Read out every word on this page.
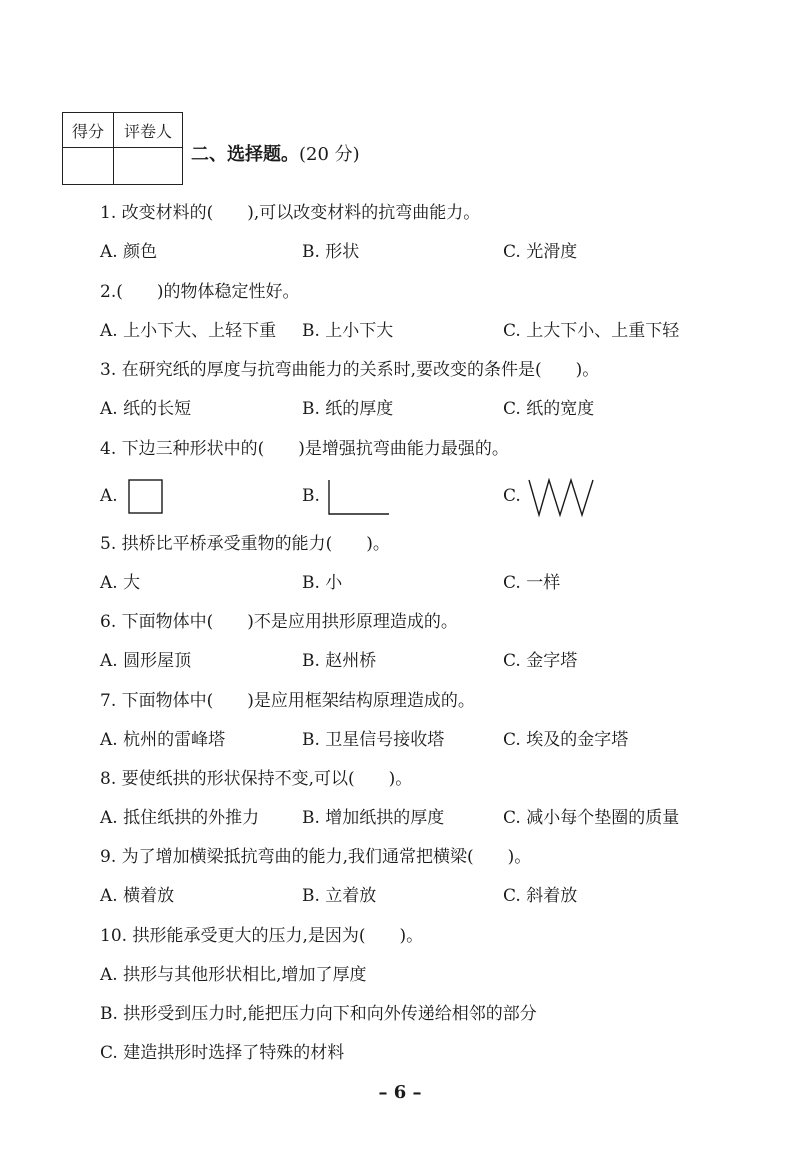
得分	评卷人

二、选择题。(20 分)
1. 改变材料的(　　),可以改变材料的抗弯曲能力。
A. 颜色	B. 形状	C. 光滑度
2.(　　)的物体稳定性好。
A. 上小下大、上轻下重 B. 上小下大	C. 上大下小、上重下轻
3. 在研究纸的厚度与抗弯曲能力的关系时,要改变的条件是(　　)。
A. 纸的长短	B. 纸的厚度	C. 纸的宽度
4. 下边三种形状中的(　　)是增强抗弯曲能力最强的。
A.	B.	C.
5. 拱桥比平桥承受重物的能力(　　)。
A. 大	B. 小	C. 一样
6. 下面物体中(　　)不是应用拱形原理造成的。
A. 圆形屋顶	B. 赵州桥	C. 金字塔
7. 下面物体中(　　)是应用框架结构原理造成的。
A. 杭州的雷峰塔	B. 卫星信号接收塔	C. 埃及的金字塔
8. 要使纸拱的形状保持不变,可以(　　)。
A. 抵住纸拱的外推力	B. 增加纸拱的厚度	C. 减小每个垫圈的质量
9. 为了增加横梁抵抗弯曲的能力,我们通常把横梁(　　)。
A. 横着放	B. 立着放	C. 斜着放
10. 拱形能承受更大的压力,是因为(　　)。
A. 拱形与其他形状相比,增加了厚度
B. 拱形受到压力时,能把压力向下和向外传递给相邻的部分
C. 建造拱形时选择了特殊的材料
– 6 –
